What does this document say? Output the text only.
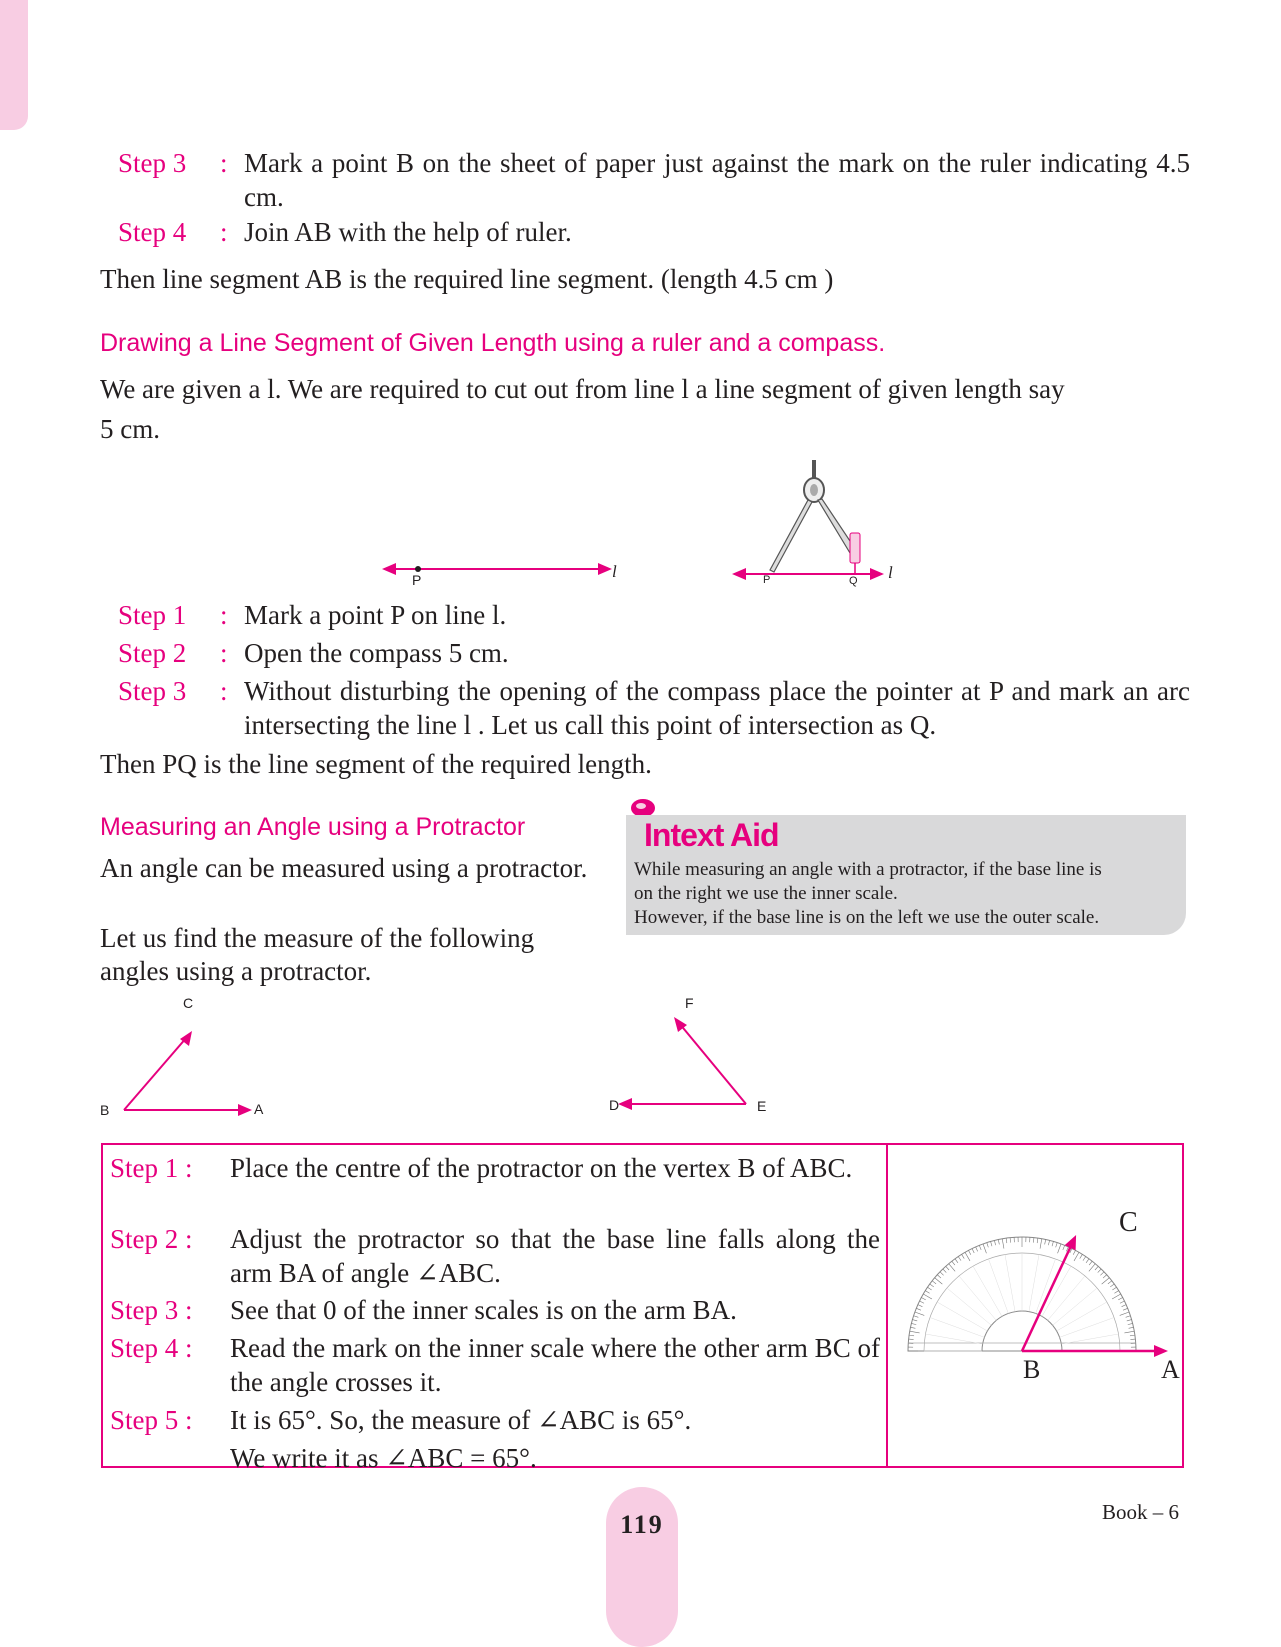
Step 3	: Mark a point B on the sheet of paper just against the mark on the ruler indicating 4.5 cm.
Step 4	: Join AB with the help of ruler.
Then line segment AB is the required line segment. (length 4.5 cm )
Drawing a Line Segment of Given Length using a ruler and a compass.
We are given a l. We are required to cut out from line l a line segment of given length say
5 cm.
P	l	P	Q l
Step 1	: Mark a point P on line l.
Step 2	: Open the compass 5 cm.
Step 3	: Without disturbing the opening of the compass place the pointer at P and mark an arc intersecting the line l . Let us call this point of intersection as Q.
Then PQ is the line segment of the required length.
Measuring an Angle using a Protractor
An angle can be measured using a protractor.
Let us find the measure of the following angles using a protractor.
Intext Aid
While measuring an angle with a protractor, if the base line is
on the right we use the inner scale.
However, if the base line is on the left we use the outer scale.
B	A
C
D	E
F
Step 1 : Place the centre of the protractor on the vertex B of ABC.
Step 2 : Adjust the protractor so that the base line falls along the arm BA of angle ∠ABC.
Step 3 : See that 0 of the inner scales is on the arm BA.
Step 4 : Read the mark on the inner scale where the other arm BC of the angle crosses it.
Step 5 : It is 65°. So, the measure of ∠ABC is 65°.
We write it as ∠ABC = 65°.
B	A
C
119	Book – 6
